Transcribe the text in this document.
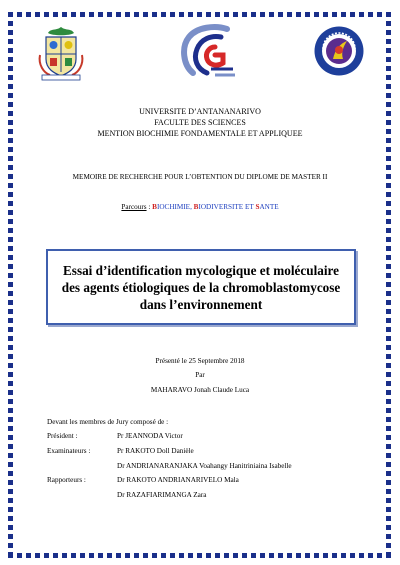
UNIVERSITE D’ANTANANARIVO
FACULTE DES SCIENCES
MENTION BIOCHIMIE FONDAMENTALE ET APPLIQUEE
MEMOIRE DE RECHERCHE POUR L’OBTENTION DU DIPLOME DE MASTER II
Parcours : BIOCHIMIE, BIODIVERSITE ET SANTE
Essai d’identification mycologique et moléculaire
des agents étiologiques de la chromoblastomycose
dans l’environnement
Présenté le 25 Septembre 2018
Par
MAHARAVO Jonah Claude Luca
Devant les membres de Jury composé de :
Président :	Pr JEANNODA Victor
Examinateurs :	Pr RAKOTO Doll Danièle
Dr ANDRIANARANJAKA Voahangy Hanitriniaina Isabelle
Rapporteurs :	Dr RAKOTO ANDRIANARIVELO Mala
Dr RAZAFIARIMANGA Zara
